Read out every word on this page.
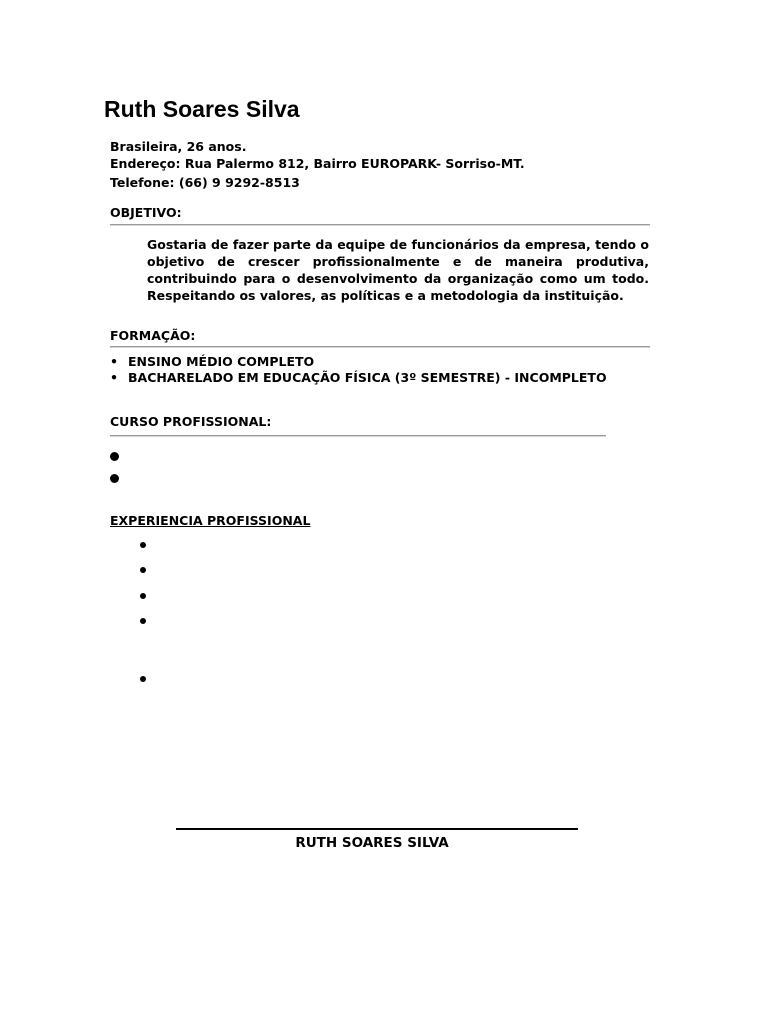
Ruth Soares Silva
Brasileira, 26 anos.
Endereço: Rua Palermo 812, Bairro EUROPARK- Sorriso-MT.
Telefone: (66) 9 9292-8513
OBJETIVO:

Gostaria de fazer parte da equipe de funcionários da empresa, tendo o objetivo de crescer profissionalmente e de maneira produtiva, contribuindo para o desenvolvimento da organização como um todo. Respeitando os valores, as políticas e a metodologia da instituição.

FORMAÇÃO:
• ENSINO MÉDIO COMPLETO
• BACHARELADO EM EDUCAÇÃO FÍSICA (3º SEMESTRE) - INCOMPLETO
CURSO PROFISSIONAL:
EXPERIENCIA PROFISSIONAL
RUTH SOARES SILVA
